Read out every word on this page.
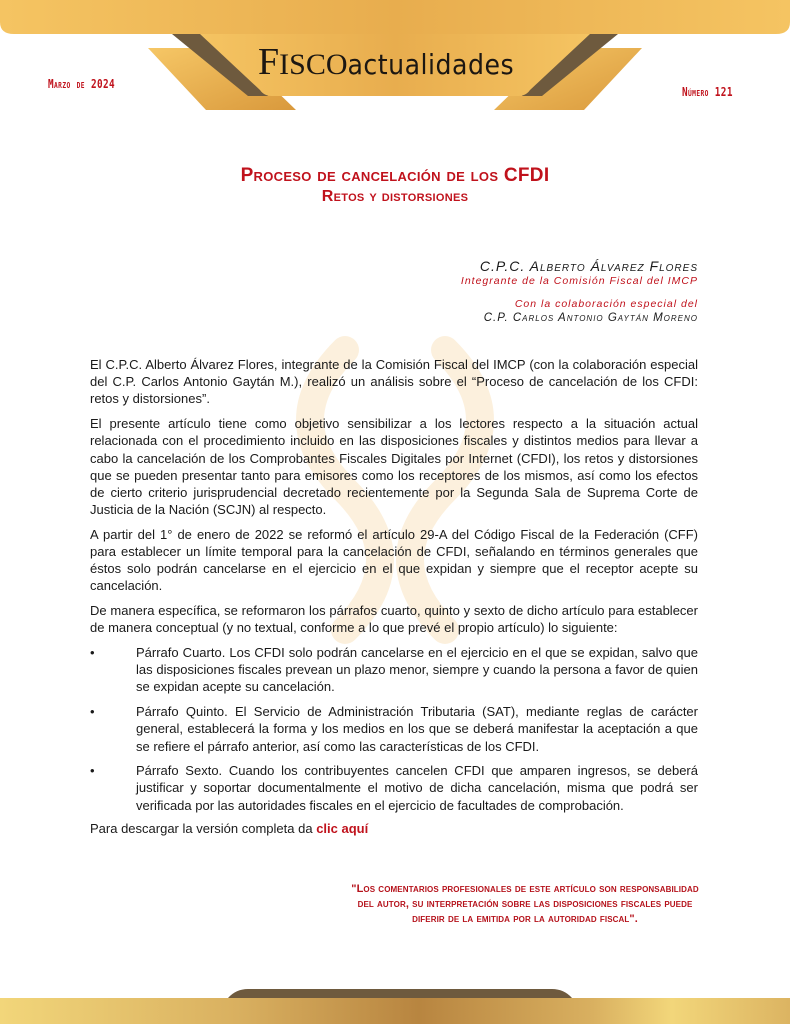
FISCOactualidades
Marzo de 2024
Número 121
Proceso de cancelación de los CFDI
Retos y distorsiones
C.P.C. Alberto Álvarez Flores
Integrante de la Comisión Fiscal del IMCP
Con la colaboración especial del
C.P. Carlos Antonio Gaytán Moreno

El C.P.C. Alberto Álvarez Flores, integrante de la Comisión Fiscal del IMCP (con la colaboración especial del C.P. Carlos Antonio Gaytán M.), realizó un análisis sobre el “Proceso de cancelación de los CFDI: retos y distorsiones”.

El presente artículo tiene como objetivo sensibilizar a los lectores respecto a la situación actual relacionada con el procedimiento incluido en las disposiciones fiscales y distintos medios para llevar a cabo la cancelación de los Comprobantes Fiscales Digitales por Internet (CFDI), los retos y distorsiones que se pueden presentar tanto para emisores como los receptores de los mismos, así como los efectos de cierto criterio jurisprudencial decretado recientemente por la Segunda Sala de Suprema Corte de Justicia de la Nación (SCJN) al respecto.

A partir del 1° de enero de 2022 se reformó el artículo 29-A del Código Fiscal de la Federación (CFF) para establecer un límite temporal para la cancelación de CFDI, señalando en términos generales que éstos solo podrán cancelarse en el ejercicio en el que expidan y siempre que el receptor acepte su cancelación.

De manera específica, se reformaron los párrafos cuarto, quinto y sexto de dicho artículo para establecer de manera conceptual (y no textual, conforme a lo que prevé el propio artículo) lo siguiente:

•	Párrafo Cuarto. Los CFDI solo podrán cancelarse en el ejercicio en el que se expidan, salvo que las disposiciones fiscales prevean un plazo menor, siempre y cuando la persona a favor de quien se expidan acepte su cancelación.
•	Párrafo Quinto. El Servicio de Administración Tributaria (SAT), mediante reglas de carácter general, establecerá la forma y los medios en los que se deberá manifestar la aceptación a que se refiere el párrafo anterior, así como las características de los CFDI.
•	Párrafo Sexto. Cuando los contribuyentes cancelen CFDI que amparen ingresos, se deberá justificar y soportar documentalmente el motivo de dicha cancelación, misma que podrá ser verificada por las autoridades fiscales en el ejercicio de facultades de comprobación.
Para descargar la versión completa da clic aquí
"Los comentarios profesionales de este artículo son responsabilidad
del autor, su interpretación sobre las disposiciones fiscales puede
diferir de la emitida por la autoridad fiscal".
